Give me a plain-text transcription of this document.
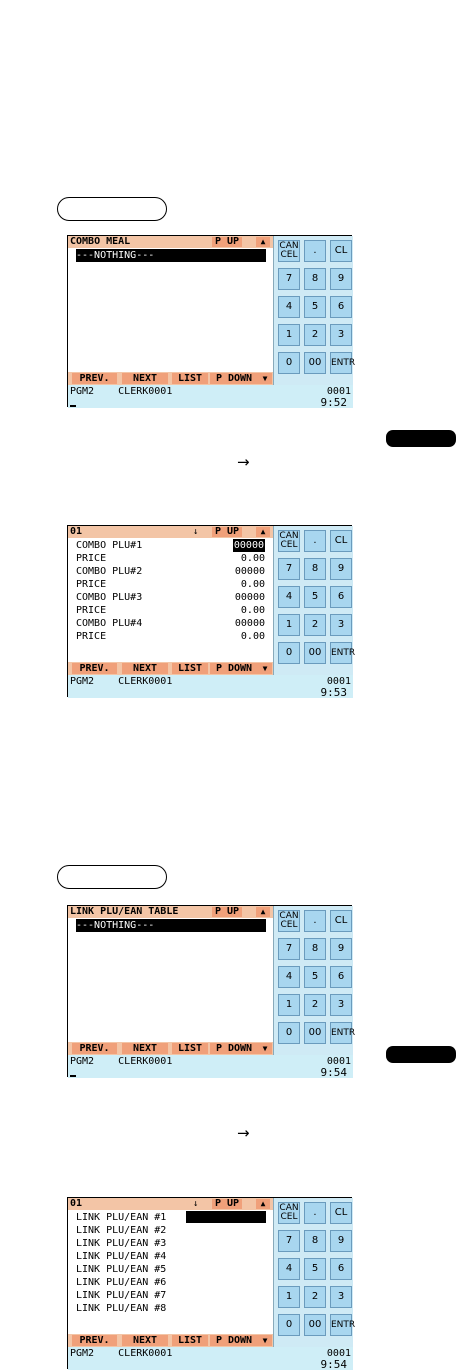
→
→
COMBO MEAL	P UP	▲
---NOTHING---
PREV.	NEXT	LIST	P DOWN	▼
CAN
CEL	.	CL
7	8	9
4	5	6
1	2	3
0	00	ENTR
PGM2    CLERK0001	0001
9:52
01	↓	P UP	▲
COMBO PLU#1	00000
PRICE	0.00
COMBO PLU#2	00000
PRICE	0.00
COMBO PLU#3	00000
PRICE	0.00
COMBO PLU#4	00000
PRICE	0.00
PREV.	NEXT	LIST	P DOWN	▼
CAN
CEL	.	CL
7	8	9
4	5	6
1	2	3
0	00	ENTR
PGM2    CLERK0001	0001
9:53
LINK PLU/EAN TABLE	P UP	▲
---NOTHING---
PREV.	NEXT	LIST	P DOWN	▼
CAN
CEL	.	CL
7	8	9
4	5	6
1	2	3
0	00	ENTR
PGM2    CLERK0001	0001
9:54
01	↓	P UP	▲
LINK PLU/EAN #1
LINK PLU/EAN #2
LINK PLU/EAN #3
LINK PLU/EAN #4
LINK PLU/EAN #5
LINK PLU/EAN #6
LINK PLU/EAN #7
LINK PLU/EAN #8
PREV.	NEXT	LIST	P DOWN	▼
CAN
CEL	.	CL
7	8	9
4	5	6
1	2	3
0	00	ENTR
PGM2    CLERK0001	0001
9:54
